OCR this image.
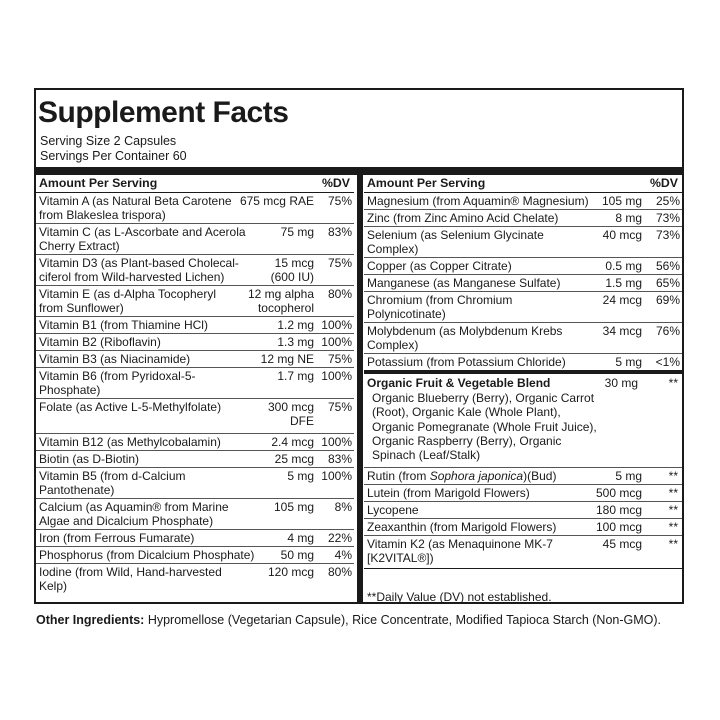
Supplement Facts
Serving Size 2 Capsules
Servings Per Container 60
Amount Per Serving	%DV
Vitamin A (as Natural Beta Carotene from Blakeslea trispora)
675 mcg RAE 75%
Vitamin C (as L-Ascorbate and Acerola Cherry Extract)
75 mg 83%
Vitamin D3 (as Plant-based Cholecal-ciferol from Wild-harvested Lichen)
15 mcg (600 IU)
75%
Vitamin E (as d-Alpha Tocopheryl from Sunflower)
12 mg alpha tocopherol
80%
Vitamin B1 (from Thiamine HCl)	1.2 mg 100%
Vitamin B2 (Riboflavin)	1.3 mg 100%
Vitamin B3 (as Niacinamide)	12 mg NE 75%
Vitamin B6 (from Pyridoxal-5-Phosphate)
1.7 mg 100%
Folate (as Active L-5-Methylfolate)	300 mcg DFE
75%
Vitamin B12 (as Methylcobalamin)	2.4 mcg 100%
Biotin (as D-Biotin)	25 mcg 83%
Vitamin B5 (from d-Calcium Pantothenate)
5 mg 100%
Calcium (as Aquamin® from Marine Algae and Dicalcium Phosphate)
105 mg 8%
Iron (from Ferrous Fumarate)	4 mg 22%
Phosphorus (from Dicalcium Phosphate)	50 mg 4%
Iodine (from Wild, Hand-harvested Kelp)
120 mcg 80%
Amount Per Serving	%DV
Magnesium (from Aquamin® Magnesium)	105 mg 25%
Zinc (from Zinc Amino Acid Chelate)	8 mg 73%
Selenium (as Selenium Glycinate Complex)
40 mcg 73%
Copper (as Copper Citrate)	0.5 mg 56%
Manganese (as Manganese Sulfate)	1.5 mg 65%
Chromium (from Chromium Polynicotinate)
24 mcg 69%
Molybdenum (as Molybdenum Krebs Complex)
34 mcg 76%
Potassium (from Potassium Chloride)	5 mg <1%
Organic Fruit & Vegetable Blend	30 mg	**
Organic Blueberry (Berry), Organic Carrot (Root), Organic Kale (Whole Plant), Organic Pomegranate (Whole Fruit Juice), Organic Raspberry (Berry), Organic Spinach (Leaf/Stalk)
Rutin (from Sophora japonica)(Bud)	5 mg **
Lutein (from Marigold Flowers)	500 mcg **
Lycopene	180 mcg **
Zeaxanthin (from Marigold Flowers)	100 mcg **
Vitamin K2 (as Menaquinone MK-7 [K2VITAL®])
45 mcg **
**Daily Value (DV) not established.
Other Ingredients: Hypromellose (Vegetarian Capsule), Rice Concentrate, Modified Tapioca Starch (Non-GMO).
